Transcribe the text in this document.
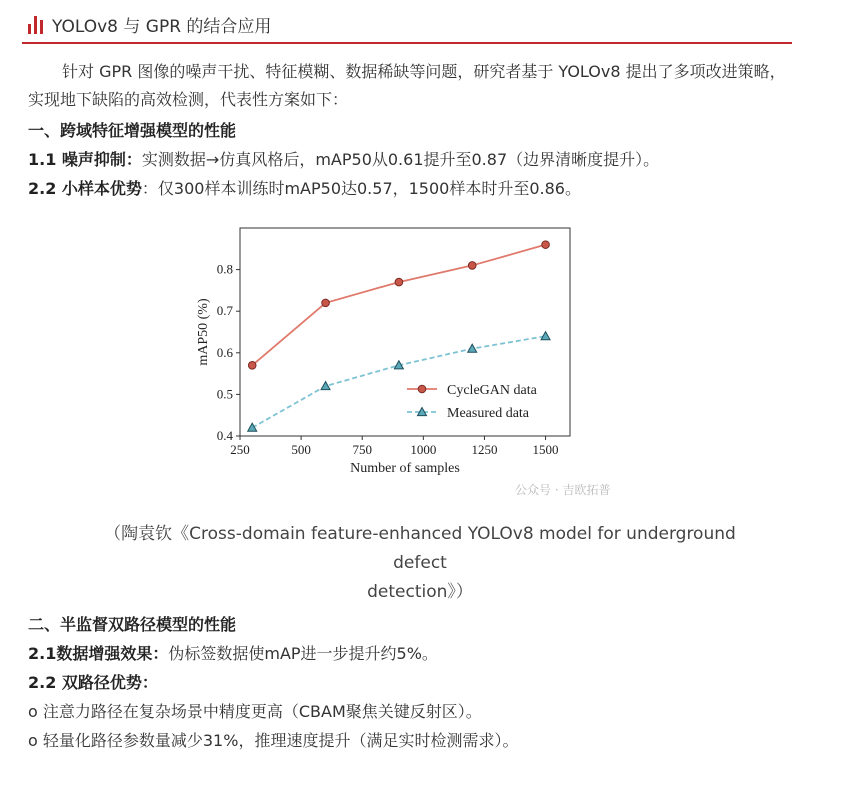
YOLOv8 与 GPR 的结合应用

针对 GPR 图像的噪声干扰、特征模糊、数据稀缺等问题，研究者基于 YOLOv8 提出了多项改进策略，实现地下缺陷的高效检测，代表性方案如下：

一、跨域特征增强模型的性能
1.1 噪声抑制：实测数据→仿真风格后，mAP50从0.61提升至0.87（边界清晰度提升）。
2.2 小样本优势：仅300样本训练时mAP50达0.57，1500样本时升至0.86。
250	500	750	1000	1250	1500
0.4
0.5
0.6
0.7
0.8
Number of samples
mAP50 (%)
CycleGAN data
Measured data
公众号 · 吉欧拓普
（陶袁钦《Cross-domain feature-enhanced YOLOv8 model for underground
defect
detection》）
二、半监督双路径模型的性能
2.1数据增强效果：伪标签数据使mAP进一步提升约5%。
2.2 双路径优势：
o 注意力路径在复杂场景中精度更高（CBAM聚焦关键反射区）。
o 轻量化路径参数量减少31%，推理速度提升（满足实时检测需求）。
